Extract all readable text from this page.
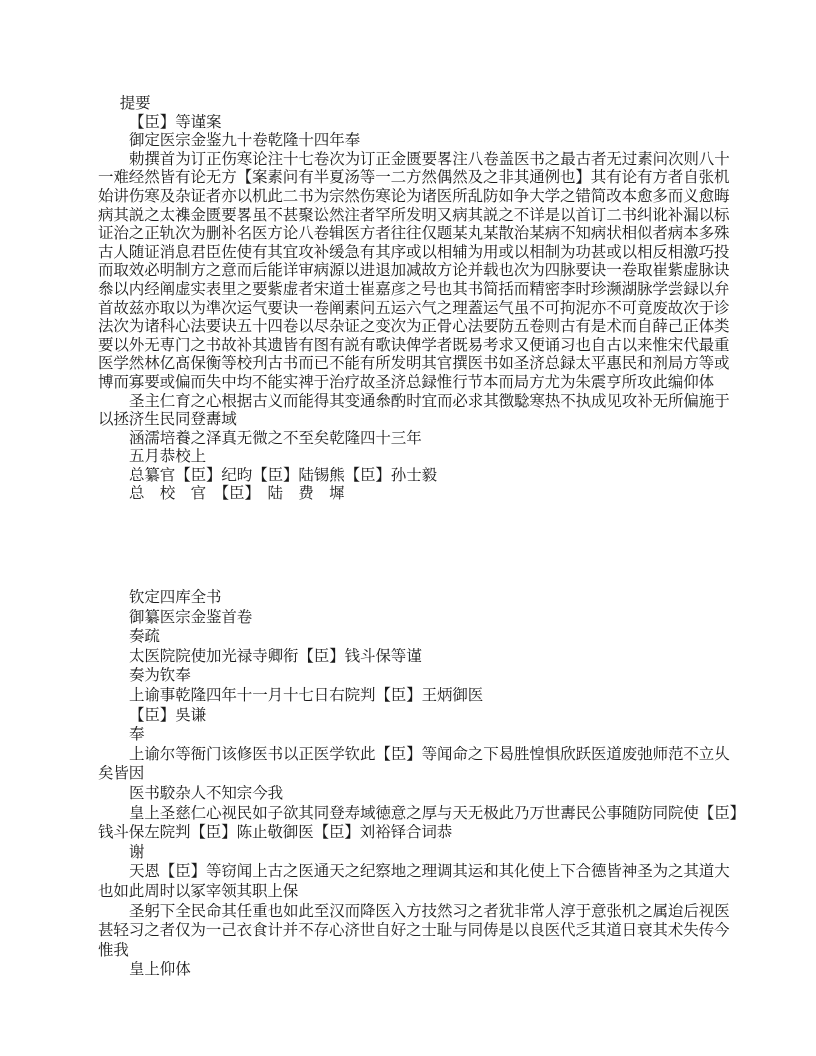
提要
【臣】等谨案
御定医宗金鉴九十卷乾隆十四年奉
勅撰首为订正伤寒论注十七卷次为订正金匮要畧注八卷盖医书之最古者无过素问次则八十
一难经然皆有论无方【案素问有半夏汤等一二方然偶然及之非其通例也】其有论有方者自张机
始讲伤寒及杂证者亦以机此二书为宗然伤寒论为诸医所乱防如争大学之错简改本愈多而义愈晦
病其説之太襍金匮要畧虽不甚聚讼然注者罕所发明又病其説之不详是以首订二书纠讹补漏以标
证治之正轨次为删补名医方论八卷辑医方者往往仅题某丸某散治某病不知病状相似者病本多殊
古人随证消息君臣佐使有其宜攻补缓急有其序或以相辅为用或以相制为功甚或以相反相激巧投
而取效必明制方之意而后能详审病源以进退加减故方论并载也次为四脉要诀一卷取崔紫虚脉诀
叅以内经阐虚实表里之要紫虚者宋道士崔嘉彦之号也其书简括而精密李时珍濒湖脉学尝録以弁
首故兹亦取以为凖次运气要诀一卷阐素问五运六气之理蓋运气虽不可拘泥亦不可竟废故次于诊
法次为诸科心法要诀五十四卷以尽杂证之变次为正骨心法要防五卷则古有是术而自薛己正体类
要以外无専门之书故补其遗皆有图有説有歌诀俾学者既易考求又便诵习也自古以来惟宋代最重
医学然林亿髙保衡等校刋古书而已不能有所发明其官撰医书如圣济总録太平惠民和剂局方等或
博而寡要或偏而失中均不能实禆于治疗故圣济总録惟行节本而局方尤为朱震亨所攻此编仰体
圣主仁育之心根据古义而能得其变通叅酌时宜而必求其徴騐寒热不执成见攻补无所偏施于
以拯济生民同登夀域
涵濡培養之泽真无微之不至矣乾隆四十三年
五月恭校上
总纂官【臣】纪昀【臣】陆锡熊【臣】孙士毅
总　校　官　【臣】　陆　费　墀
钦定四库全书
御纂医宗金鉴首卷
奏疏
太医院院使加光禄寺卿衔【臣】钱斗保等谨
奏为钦奉
上谕事乾隆四年十一月十七日右院判【臣】王炳御医
【臣】吳谦
奉
上谕尔等衙门该修医书以正医学钦此【臣】等闻命之下曷胜惶惧欣跃医道废弛师范不立乆
矣皆因
医书駮杂人不知宗今我
皇上圣慈仁心视民如子欲其同登寿域徳意之厚与天无极此乃万世夀民公事随防同院使【臣】
钱斗保左院判【臣】陈止敬御医【臣】刘裕铎合词恭
谢
天恩【臣】等窃闻上古之医通天之纪察地之理调其运和其化使上下合德皆神圣为之其道大
也如此周时以冢宰领其职上保
圣躬下全民命其任重也如此至汉而降医入方技然习之者犹非常人淳于意张机之属迨后视医
甚轻习之者仅为一己衣食计并不存心济世自好之士耻与同俦是以良医代乏其道日衰其术失传今
惟我
皇上仰体
